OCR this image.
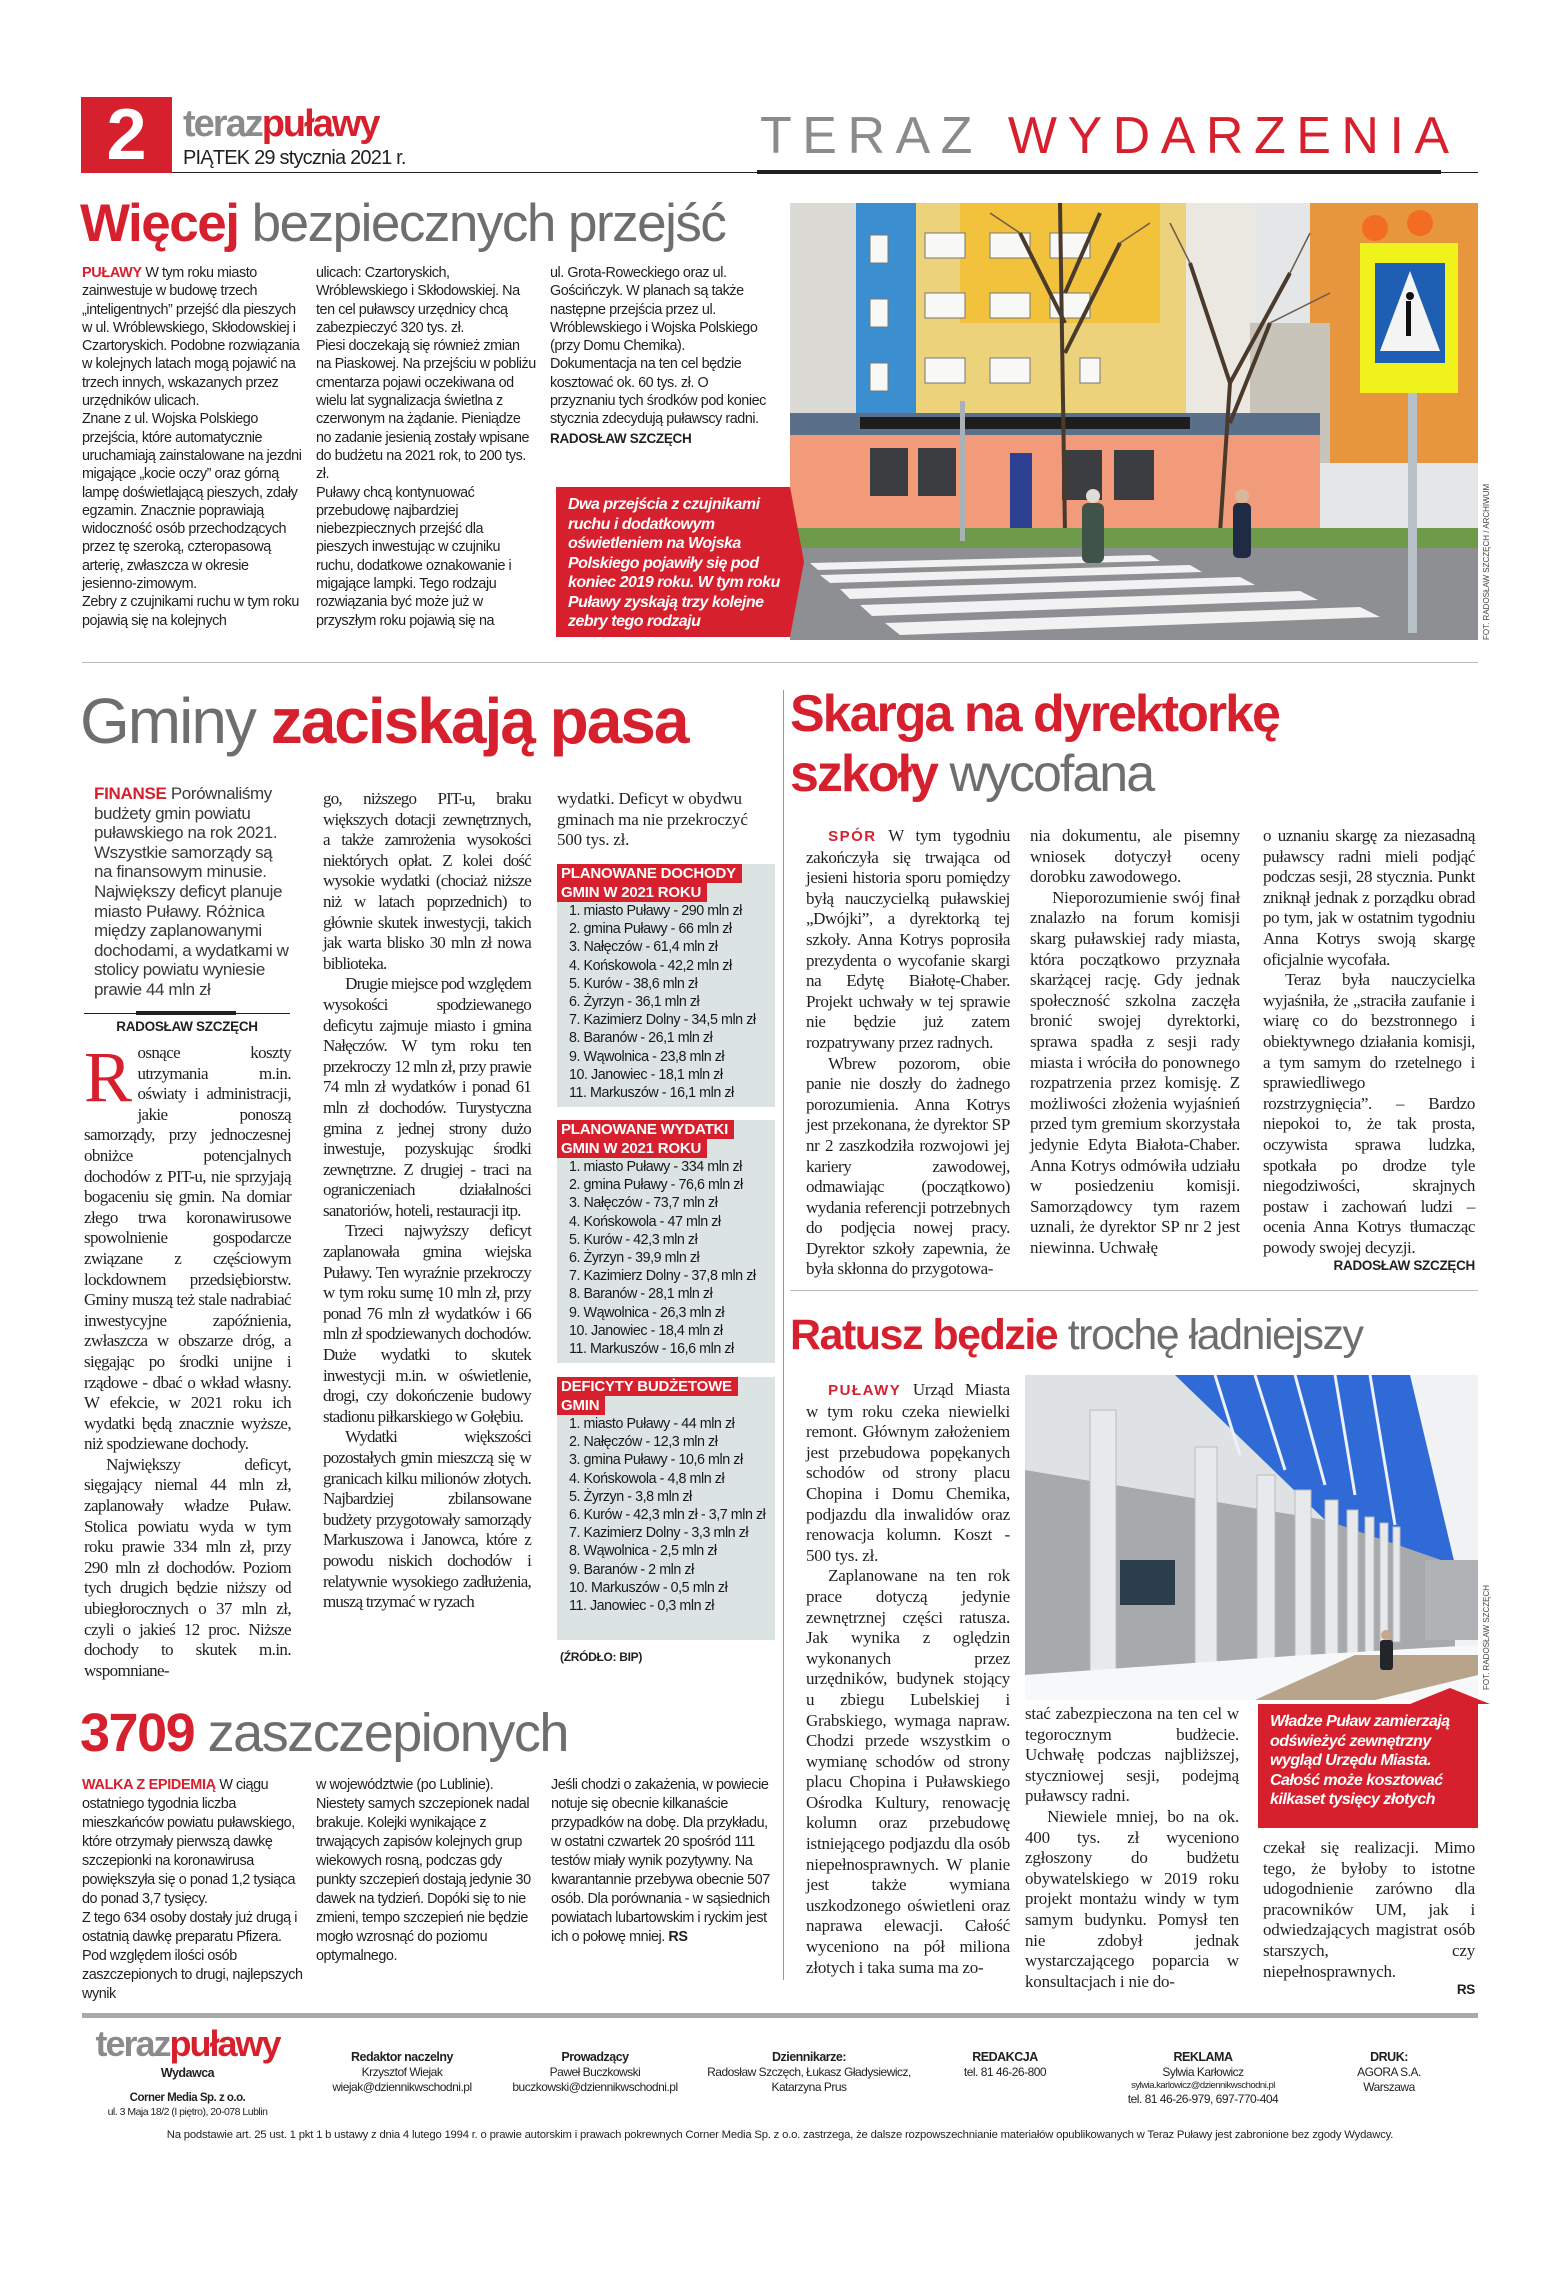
2 terazpuławy
PIĄTEK 29 stycznia 2021 r.	TERAZ WYDARZENIA
Więcej bezpiecznych przejść

PUŁAWY W tym roku miasto zainwestuje w budowę trzech „inteligentnych” przejść dla pieszych w ul. Wróblewskiego, Skłodowskiej i Czartoryskich. Podobne rozwiązania w kolejnych latach mogą pojawić na trzech innych, wskazanych przez urzędników ulicach.

Znane z ul. Wojska Polskiego przejścia, które automatycznie uruchamiają zainstalowane na jezdni migające „kocie oczy” oraz górną lampę doświetlającą pieszych, zdały egzamin. Znacznie poprawiają widoczność osób przechodzących przez tę szeroką, czteropasową arterię, zwłaszcza w okresie jesienno-zimowym.

Zebry z czujnikami ruchu w tym roku pojawią się na kolejnych

ulicach: Czartoryskich, Wróblewskiego i Skłodowskiej. Na ten cel puławscy urzędnicy chcą zabezpieczyć 320 tys. zł.

Piesi doczekają się również zmian na Piaskowej. Na przejściu w pobliżu cmentarza pojawi oczekiwana od wielu lat sygnalizacja świetlna z czerwonym na żądanie. Pieniądze no zadanie jesienią zostały wpisane do budżetu na 2021 rok, to 200 tys. zł.

Puławy chcą kontynuować przebudowę najbardziej niebezpiecznych przejść dla pieszych inwestując w czujniku ruchu, dodatkowe oznakowanie i migające lampki. Tego rodzaju rozwiązania być może już w przyszłym roku pojawią się na

ul. Grota-Roweckiego oraz ul. Gościńczyk. W planach są także następne przejścia przez ul. Wróblewskiego i Wojska Polskiego (przy Domu Chemika). Dokumentacja na ten cel będzie kosztować ok. 60 tys. zł. O przyznaniu tych środków pod koniec stycznia zdecydują puławscy radni.

RADOSŁAW SZCZĘCH

FOT. RADOSŁAW SZCZĘCH / ARCHIWUM
Dwa przejścia z czujnikami ruchu i dodatkowym oświetleniem na Wojska Polskiego pojawiły się pod koniec 2019 roku. W tym roku Puławy zyskają trzy kolejne zebry tego rodzaju
Gminy zaciskają pasa
FINANSE Porównaliśmy budżety gmin powiatu puławskiego na rok 2021. Wszystkie samorządy są na finansowym minusie. Największy deficyt planuje miasto Puławy. Różnica między zaplanowanymi dochodami, a wydatkami w stolicy powiatu wyniesie prawie 44 mln zł
RADOSŁAW SZCZĘCH

Rosnące koszty utrzymania m.in. oświaty i administracji, jakie ponoszą samorządy, przy jednoczesnej obniżce potencjalnych dochodów z PIT-u, nie sprzyjają bogaceniu się gmin. Na domiar złego trwa koronawirusowe spowolnienie gospodarcze związane z częściowym lockdownem przedsiębiorstw. Gminy muszą też stale nadrabiać inwestycyjne zapóźnienia, zwłaszcza w obszarze dróg, a sięgając po środki unijne i rządowe - dbać o wkład własny. W efekcie, w 2021 roku ich wydatki będą znacznie wyższe, niż spodziewane dochody.

Największy deficyt, sięgający niemal 44 mln zł, zaplanowały władze Puław. Stolica powiatu wyda w tym roku prawie 334 mln zł, przy 290 mln zł dochodów. Poziom tych drugich będzie niższy od ubiegłorocznych o 37 mln zł, czyli o jakieś 12 proc. Niższe dochody to skutek m.in. wspomniane-

go, niższego PIT-u, braku większych dotacji zewnętrznych, a także zamrożenia wysokości niektórych opłat. Z kolei dość wysokie wydatki (chociaż niższe niż w latach poprzednich) to głównie skutek inwestycji, takich jak warta blisko 30 mln zł nowa biblioteka.

Drugie miejsce pod względem wysokości spodziewanego deficytu zajmuje miasto i gmina Nałęczów. W tym roku ten przekroczy 12 mln zł, przy prawie 74 mln zł wydatków i ponad 61 mln zł dochodów. Turystyczna gmina z jednej strony dużo inwestuje, pozyskując środki zewnętrzne. Z drugiej - traci na ograniczeniach działalności sanatoriów, hoteli, restauracji itp.

Trzeci najwyższy deficyt zaplanowała gmina wiejska Puławy. Ten wyraźnie przekroczy w tym roku sumę 10 mln zł, przy ponad 76 mln zł wydatków i 66 mln zł spodziewanych dochodów. Duże wydatki to skutek inwestycji m.in. w oświetlenie, drogi, czy dokończenie budowy stadionu piłkarskiego w Gołębiu.

Wydatki większości pozostałych gmin mieszczą się w granicach kilku milionów złotych. Najbardziej zbilansowane budżety przygotowały samorządy Markuszowa i Janowca, które z powodu niskich dochodów i relatywnie wysokiego zadłużenia, muszą trzymać w ryzach

wydatki. Deficyt w obydwu gminach ma nie przekroczyć 500 tys. zł.

PLANOWANE DOCHODY
GMIN W 2021 ROKU
1. miasto Puławy - 290 mln zł
2. gmina Puławy - 66 mln zł
3. Nałęczów - 61,4 mln zł
4. Końskowola - 42,2 mln zł
5. Kurów - 38,6 mln zł
6. Żyrzyn - 36,1 mln zł
7. Kazimierz Dolny - 34,5 mln zł
8. Baranów - 26,1 mln zł
9. Wąwolnica - 23,8 mln zł
10. Janowiec - 18,1 mln zł
11. Markuszów - 16,1 mln zł
PLANOWANE WYDATKI
GMIN W 2021 ROKU
1. miasto Puławy - 334 mln zł
2. gmina Puławy - 76,6 mln zł
3. Nałęczów - 73,7 mln zł
4. Końskowola - 47 mln zł
5. Kurów - 42,3 mln zł
6. Żyrzyn - 39,9 mln zł
7. Kazimierz Dolny - 37,8 mln zł
8. Baranów - 28,1 mln zł
9. Wąwolnica - 26,3 mln zł
10. Janowiec - 18,4 mln zł
11. Markuszów - 16,6 mln zł
DEFICYTY BUDŻETOWE
GMIN
1. miasto Puławy - 44 mln zł
2. Nałęczów - 12,3 mln zł
3. gmina Puławy - 10,6 mln zł
4. Końskowola - 4,8 mln zł
5. Żyrzyn - 3,8 mln zł
6. Kurów - 42,3 mln zł - 3,7 mln zł
7. Kazimierz Dolny - 3,3 mln zł
8. Wąwolnica - 2,5 mln zł
9. Baranów - 2 mln zł
10. Markuszów - 0,5 mln zł
11. Janowiec - 0,3 mln zł
(ŹRÓDŁO: BIP)
Skarga na dyrektorkę
szkoły wycofana

SPÓR W tym tygodniu zakończyła się trwająca od jesieni historia sporu pomiędzy byłą nauczycielką puławskiej „Dwójki”, a dyrektorką tej szkoły. Anna Kotrys poprosiła prezydenta o wycofanie skargi na Edytę Białotę-Chaber. Projekt uchwały w tej sprawie nie będzie już zatem rozpatrywany przez radnych.

Wbrew pozorom, obie panie nie doszły do żadnego porozumienia. Anna Kotrys jest przekonana, że dyrektor SP nr 2 zaszkodziła rozwojowi jej kariery zawodowej, odmawiając (początkowo) wydania referencji potrzebnych do podjęcia nowej pracy. Dyrektor szkoły zapewnia, że była skłonna do przygotowa-

nia dokumentu, ale pisemny wniosek dotyczył oceny dorobku zawodowego.

Nieporozumienie swój finał znalazło na forum komisji skarg puławskiej rady miasta, która początkowo przyznała skarżącej rację. Gdy jednak społeczność szkolna zaczęła bronić swojej dyrektorki, sprawa spadła z sesji rady miasta i wróciła do ponownego rozpatrzenia przez komisję. Z możliwości złożenia wyjaśnień przed tym gremium skorzystała jedynie Edyta Białota-Chaber. Anna Kotrys odmówiła udziału w posiedzeniu komisji. Samorządowcy tym razem uznali, że dyrektor SP nr 2 jest niewinna. Uchwałę

o uznaniu skargę za niezasadną puławscy radni mieli podjąć podczas sesji, 28 stycznia. Punkt zniknął jednak z porządku obrad po tym, jak w ostatnim tygodniu Anna Kotrys swoją skargę oficjalnie wycofała.

Teraz była nauczycielka wyjaśniła, że „straciła zaufanie i wiarę co do bezstronnego i obiektywnego działania komisji, a tym samym do rzetelnego i sprawiedliwego rozstrzygnięcia”. – Bardzo niepokoi to, że tak prosta, oczywista sprawa ludzka, spotkała po drodze tyle niegodziwości, skrajnych postaw i zachowań ludzi – ocenia Anna Kotrys tłumacząc powody swojej decyzji.

RADOSŁAW SZCZĘCH

Ratusz będzie trochę ładniejszy

PUŁAWY Urząd Miasta w tym roku czeka niewielki remont. Głównym założeniem jest przebudowa popękanych schodów od strony placu Chopina i Domu Chemika, podjazdu dla inwalidów oraz renowacja kolumn. Koszt - 500 tys. zł.

Zaplanowane na ten rok prace dotyczą jedynie zewnętrznej części ratusza. Jak wynika z oględzin wykonanych przez urzędników, budynek stojący u zbiegu Lubelskiej i Grabskiego, wymaga napraw. Chodzi przede wszystkim o wymianę schodów od strony placu Chopina i Puławskiego Ośrodka Kultury, renowację kolumn oraz przebudowę istniejącego podjazdu dla osób niepełnosprawnych. W planie jest także wymiana uszkodzonego oświetleni oraz naprawa elewacji. Całość wyceniono na pół miliona złotych i taka suma ma zo-

FOT. RADOSŁAW SZCZĘCH
Władze Puław zamierzają odświeżyć zewnętrzny wygląd Urzędu Miasta. Całość może kosztować kilkaset tysięcy złotych

stać zabezpieczona na ten cel w tegorocznym budżecie. Uchwałę podczas najbliższej, styczniowej sesji, podejmą puławscy radni.

Niewiele mniej, bo na ok. 400 tys. zł wyceniono zgłoszony do budżetu obywatelskiego w 2019 roku projekt montażu windy w tym samym budynku. Pomysł ten nie zdobył jednak wystarczającego poparcia w konsultacjach i nie do-

czekał się realizacji. Mimo tego, że byłoby to istotne udogodnienie zarówno dla pracowników UM, jak i odwiedzających magistrat osób starszych, czy niepełnosprawnych.

RS

3709 zaszczepionych

WALKA Z EPIDEMIĄ W ciągu ostatniego tygodnia liczba mieszkańców powiatu puławskiego, które otrzymały pierwszą dawkę szczepionki na koronawirusa powiększyła się o ponad 1,2 tysiąca do ponad 3,7 tysięcy.

Z tego 634 osoby dostały już drugą i ostatnią dawkę preparatu Pfizera. Pod względem ilości osób zaszczepionych to drugi, najlepszych wynik

w województwie (po Lublinie). Niestety samych szczepionek nadal brakuje. Kolejki wynikające z trwających zapisów kolejnych grup wiekowych rosną, podczas gdy punkty szczepień dostają jedynie 30 dawek na tydzień. Dopóki się to nie zmieni, tempo szczepień nie będzie mogło wzrosnąć do poziomu optymalnego.

Jeśli chodzi o zakażenia, w powiecie notuje się obecnie kilkanaście przypadków na dobę. Dla przykładu, w ostatni czwartek 20 spośród 111 testów miały wynik pozytywny. Na kwarantannie przebywa obecnie 507 osób. Dla porównania - w sąsiednich powiatach lubartowskim i ryckim jest ich o połowę mniej. RS

terazpuławy
Wydawca
Corner Media Sp. z o.o.
ul. 3 Maja 18/2 (I piętro), 20-078 Lublin
Redaktor naczelny
Krzysztof Wiejak
wiejak@dziennikwschodni.pl
Prowadzący
Paweł Buczkowski
buczkowski@dziennikwschodni.pl
Dziennikarze:
Radosław Szczęch, Łukasz Gładysiewicz,
Katarzyna Prus
REDAKCJA
tel. 81 46-26-800
REKLAMA
Sylwia Karłowicz
sylwia.karlowicz@dziennikwschodni.pl
tel. 81 46-26-979, 697-770-404
DRUK:
AGORA S.A.
Warszawa
Na podstawie art. 25 ust. 1 pkt 1 b ustawy z dnia 4 lutego 1994 r. o prawie autorskim i prawach pokrewnych Corner Media Sp. z o.o. zastrzega, że dalsze rozpowszechnianie materiałów opublikowanych w Teraz Puławy jest zabronione bez zgody Wydawcy.
